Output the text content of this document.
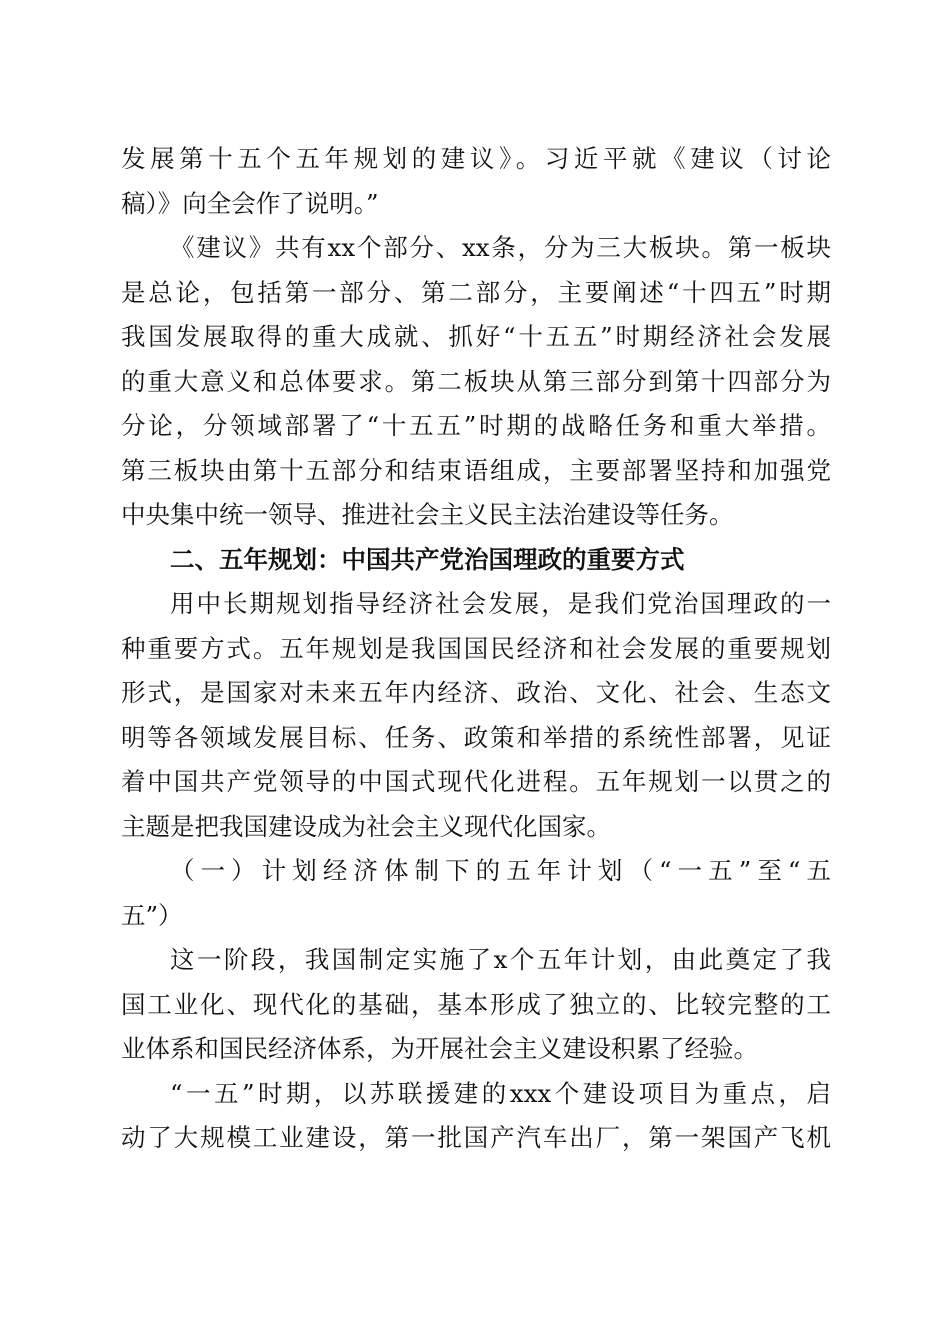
发展第十五个五年规划的建议》。习近平就《建议（讨论
稿）》向全会作了说明。”
《建议》共有xx个部分、xx条，分为三大板块。第一板块
是总论，包括第一部分、第二部分，主要阐述“十四五”时期
我国发展取得的重大成就、抓好“十五五”时期经济社会发展
的重大意义和总体要求。第二板块从第三部分到第十四部分为
分论，分领域部署了“十五五”时期的战略任务和重大举措。
第三板块由第十五部分和结束语组成，主要部署坚持和加强党
中央集中统一领导、推进社会主义民主法治建设等任务。
二、五年规划：中国共产党治国理政的重要方式
用中长期规划指导经济社会发展，是我们党治国理政的一
种重要方式。五年规划是我国国民经济和社会发展的重要规划
形式，是国家对未来五年内经济、政治、文化、社会、生态文
明等各领域发展目标、任务、政策和举措的系统性部署，见证
着中国共产党领导的中国式现代化进程。五年规划一以贯之的
主题是把我国建设成为社会主义现代化国家。
（一）计划经济体制下的五年计划（“一五”至“五
五”）
这一阶段，我国制定实施了x个五年计划，由此奠定了我
国工业化、现代化的基础，基本形成了独立的、比较完整的工
业体系和国民经济体系，为开展社会主义建设积累了经验。
“一五”时期，以苏联援建的xxx个建设项目为重点，启
动了大规模工业建设，第一批国产汽车出厂，第一架国产飞机
